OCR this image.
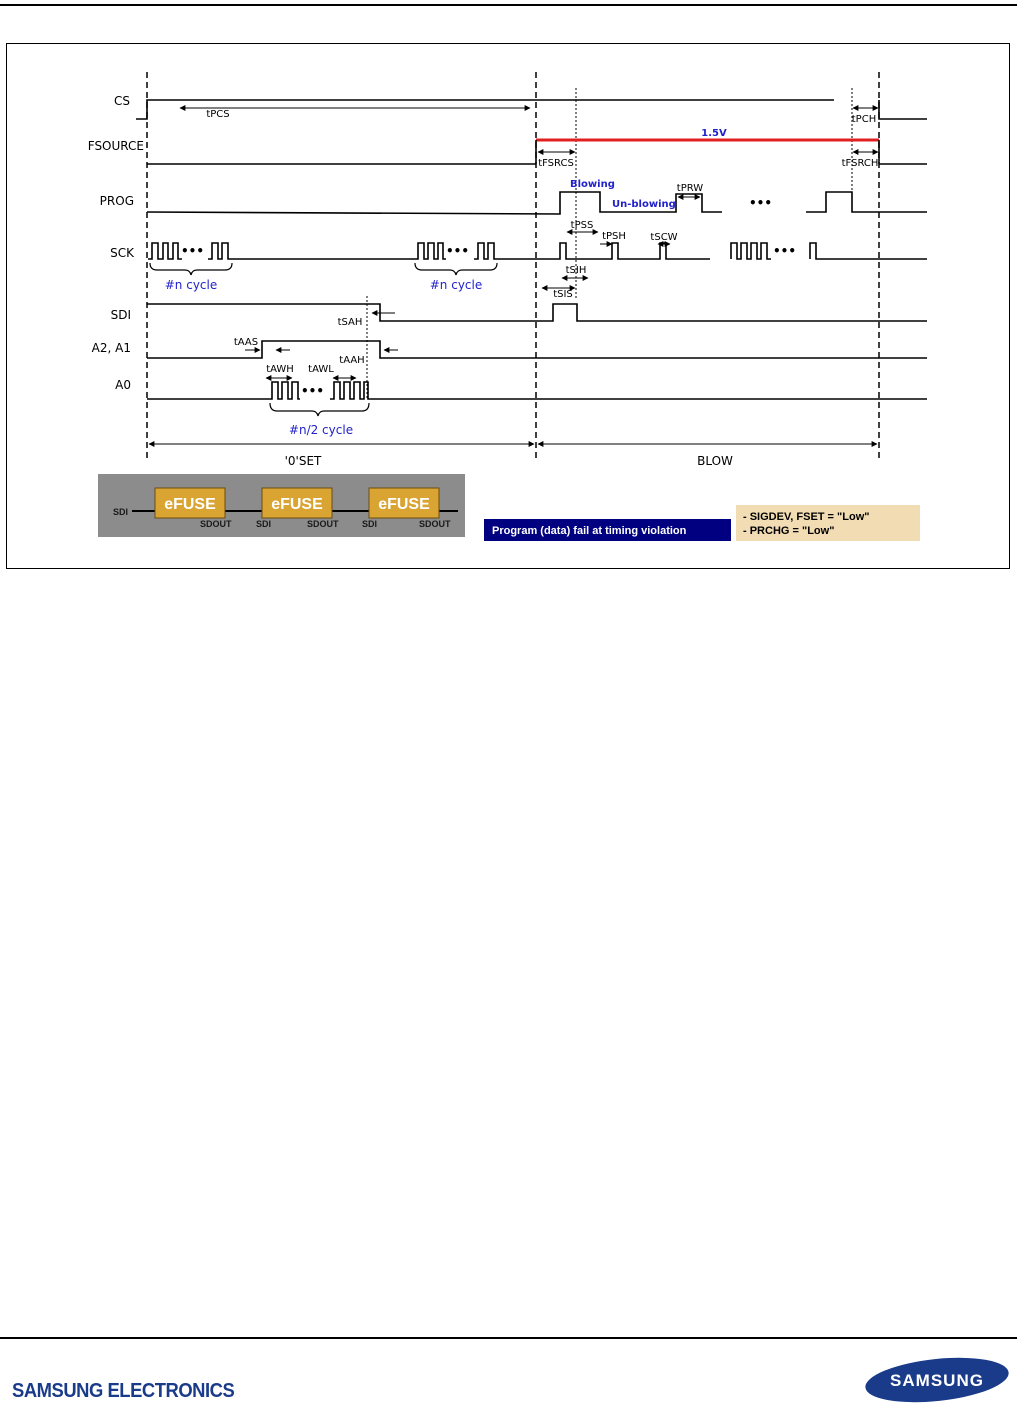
CS
FSOURCE
PROG
SCK
SDI
A2, A1
A0
1.5V
•••	•••	•••
•••
•••
#n cycle	#n cycle
#n/2 cycle
Blowing
Un-blowing
tPCS	tPCH
tFSRCS	tFSRCH
tPSS
tPSH tSCW
tPRW
tSIH
tSIS
tSAH
tAAS
tAWH tAWL
tAAH
'0'SET	BLOW
eFUSE	eFUSE	eFUSE
SDI
SDOUT	SDI	SDOUT	SDI	SDOUT
Program (data) fail at timing violation
- SIGDEV, FSET = "Low"
- PRCHG = "Low"
SAMSUNG ELECTRONICS	SAMSUNG
